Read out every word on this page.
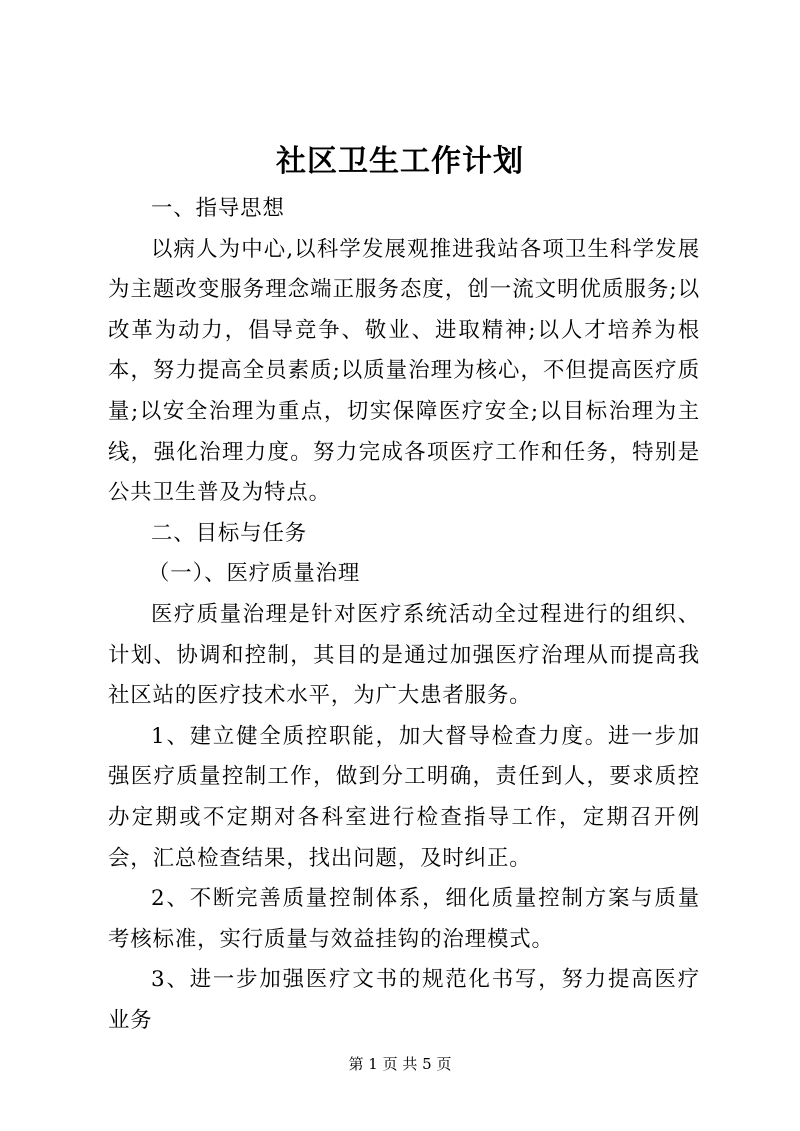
社区卫生工作计划

一、指导思想

以病人为中心,以科学发展观推进我站各项卫生科学发展为主题改变服务理念端正服务态度，创一流文明优质服务;以改革为动力，倡导竞争、敬业、进取精神;以人才培养为根本，努力提高全员素质;以质量治理为核心，不但提高医疗质量;以安全治理为重点，切实保障医疗安全;以目标治理为主线，强化治理力度。努力完成各项医疗工作和任务，特别是公共卫生普及为特点。

二、目标与任务

（一）、医疗质量治理

医疗质量治理是针对医疗系统活动全过程进行的组织、计划、协调和控制，其目的是通过加强医疗治理从而提高我社区站的医疗技术水平，为广大患者服务。

1、建立健全质控职能，加大督导检查力度。进一步加强医疗质量控制工作，做到分工明确，责任到人，要求质控办定期或不定期对各科室进行检查指导工作，定期召开例会，汇总检查结果，找出问题，及时纠正。

2、不断完善质量控制体系，细化质量控制方案与质量考核标准，实行质量与效益挂钩的治理模式。

3、进一步加强医疗文书的规范化书写，努力提高医疗业务

第 1 页 共 5 页
